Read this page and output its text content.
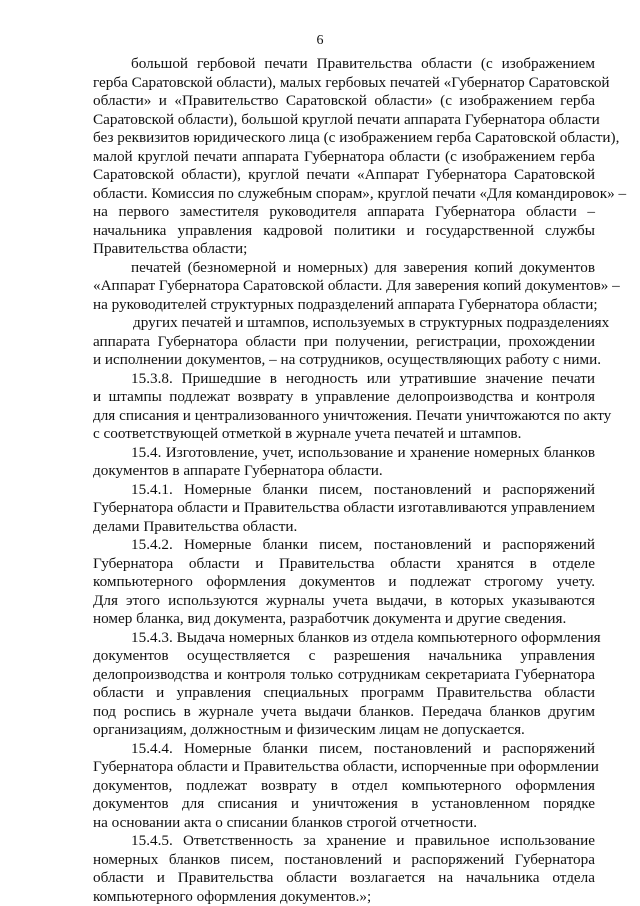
6
большой гербовой печати Правительства области (с изображением
герба Саратовской области), малых гербовых печатей «Губернатор Саратовской
области» и «Правительство Саратовской области» (с изображением герба
Саратовской области), большой круглой печати аппарата Губернатора области
без реквизитов юридического лица (с изображением герба Саратовской области),
малой круглой печати аппарата Губернатора области (с изображением герба
Саратовской области), круглой печати «Аппарат Губернатора Саратовской
области. Комиссия по служебным спорам», круглой печати «Для командировок» –
на первого заместителя руководителя аппарата Губернатора области –
начальника управления кадровой политики и государственной службы
Правительства области;
печатей (безномерной и номерных) для заверения копий документов
«Аппарат Губернатора Саратовской области. Для заверения копий документов» –
на руководителей структурных подразделений аппарата Губернатора области;
других печатей и штампов, используемых в структурных подразделениях
аппарата Губернатора области при получении, регистрации, прохождении
и исполнении документов, – на сотрудников, осуществляющих работу с ними.
15.3.8. Пришедшие в негодность или утратившие значение печати
и штампы подлежат возврату в управление делопроизводства и контроля
для списания и централизованного уничтожения. Печати уничтожаются по акту
с соответствующей отметкой в журнале учета печатей и штампов.
15.4. Изготовление, учет, использование и хранение номерных бланков
документов в аппарате Губернатора области.
15.4.1. Номерные бланки писем, постановлений и распоряжений
Губернатора области и Правительства области изготавливаются управлением
делами Правительства области.
15.4.2. Номерные бланки писем, постановлений и распоряжений
Губернатора области и Правительства области хранятся в отделе
компьютерного оформления документов и подлежат строгому учету.
Для этого используются журналы учета выдачи, в которых указываются
номер бланка, вид документа, разработчик документа и другие сведения.
15.4.3. Выдача номерных бланков из отдела компьютерного оформления
документов осуществляется с разрешения начальника управления
делопроизводства и контроля только сотрудникам секретариата Губернатора
области и управления специальных программ Правительства области
под роспись в журнале учета выдачи бланков. Передача бланков другим
организациям, должностным и физическим лицам не допускается.
15.4.4. Номерные бланки писем, постановлений и распоряжений
Губернатора области и Правительства области, испорченные при оформлении
документов, подлежат возврату в отдел компьютерного оформления
документов для списания и уничтожения в установленном порядке
на основании акта о списании бланков строгой отчетности.
15.4.5. Ответственность за хранение и правильное использование
номерных бланков писем, постановлений и распоряжений Губернатора
области и Правительства области возлагается на начальника отдела
компьютерного оформления документов.»;
